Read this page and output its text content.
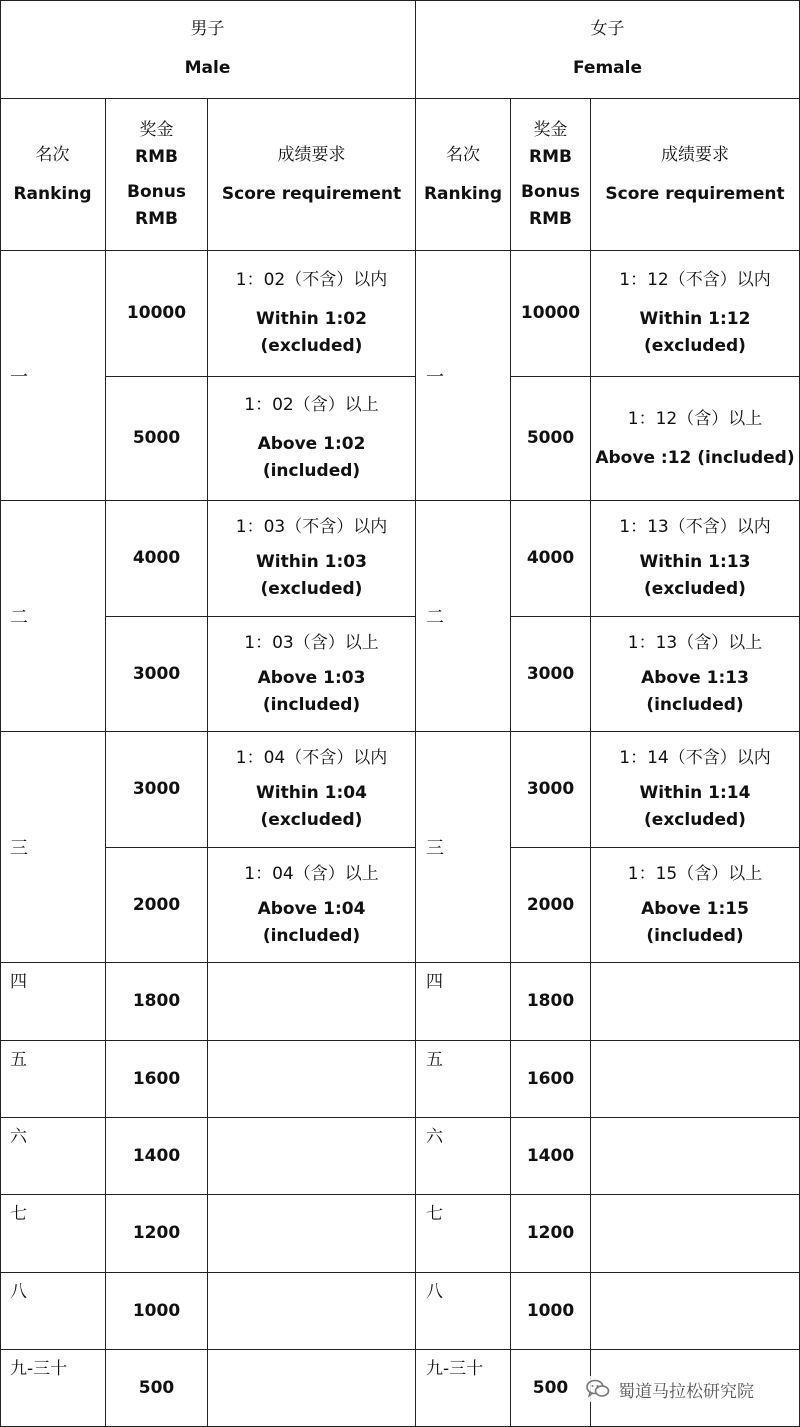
男子
Male
女子
Female
名次
Ranking
奖金
RMB
Bonus
RMB
成绩要求
Score requirement
名次
Ranking
奖金
RMB
Bonus
RMB
成绩要求
Score requirement
一
10000
1：02（不含）以内
Within 1:02
(excluded)
5000
1：02（含）以上
Above 1:02
(included)
一
10000
1：12（不含）以内
Within 1:12
(excluded)
5000
1：12（含）以上
Above :12 (included)
二
4000
1：03（不含）以内
Within 1:03
(excluded)
3000
1：03（含）以上
Above 1:03
(included)
二
4000
1：13（不含）以内
Within 1:13
(excluded)
3000
1：13（含）以上
Above 1:13
(included)
三
3000
1：04（不含）以内
Within 1:04
(excluded)
2000
1：04（含）以上
Above 1:04
(included)
三
3000
1：14（不含）以内
Within 1:14
(excluded)
2000
1：15（含）以上
Above 1:15
(included)
四
1800
四
1800
五
1600
五
1600
六
1400
六
1400
七
1200
七
1200
八
1000
八
1000
九-三十
500
九-三十
500	蜀道马拉松研究院
